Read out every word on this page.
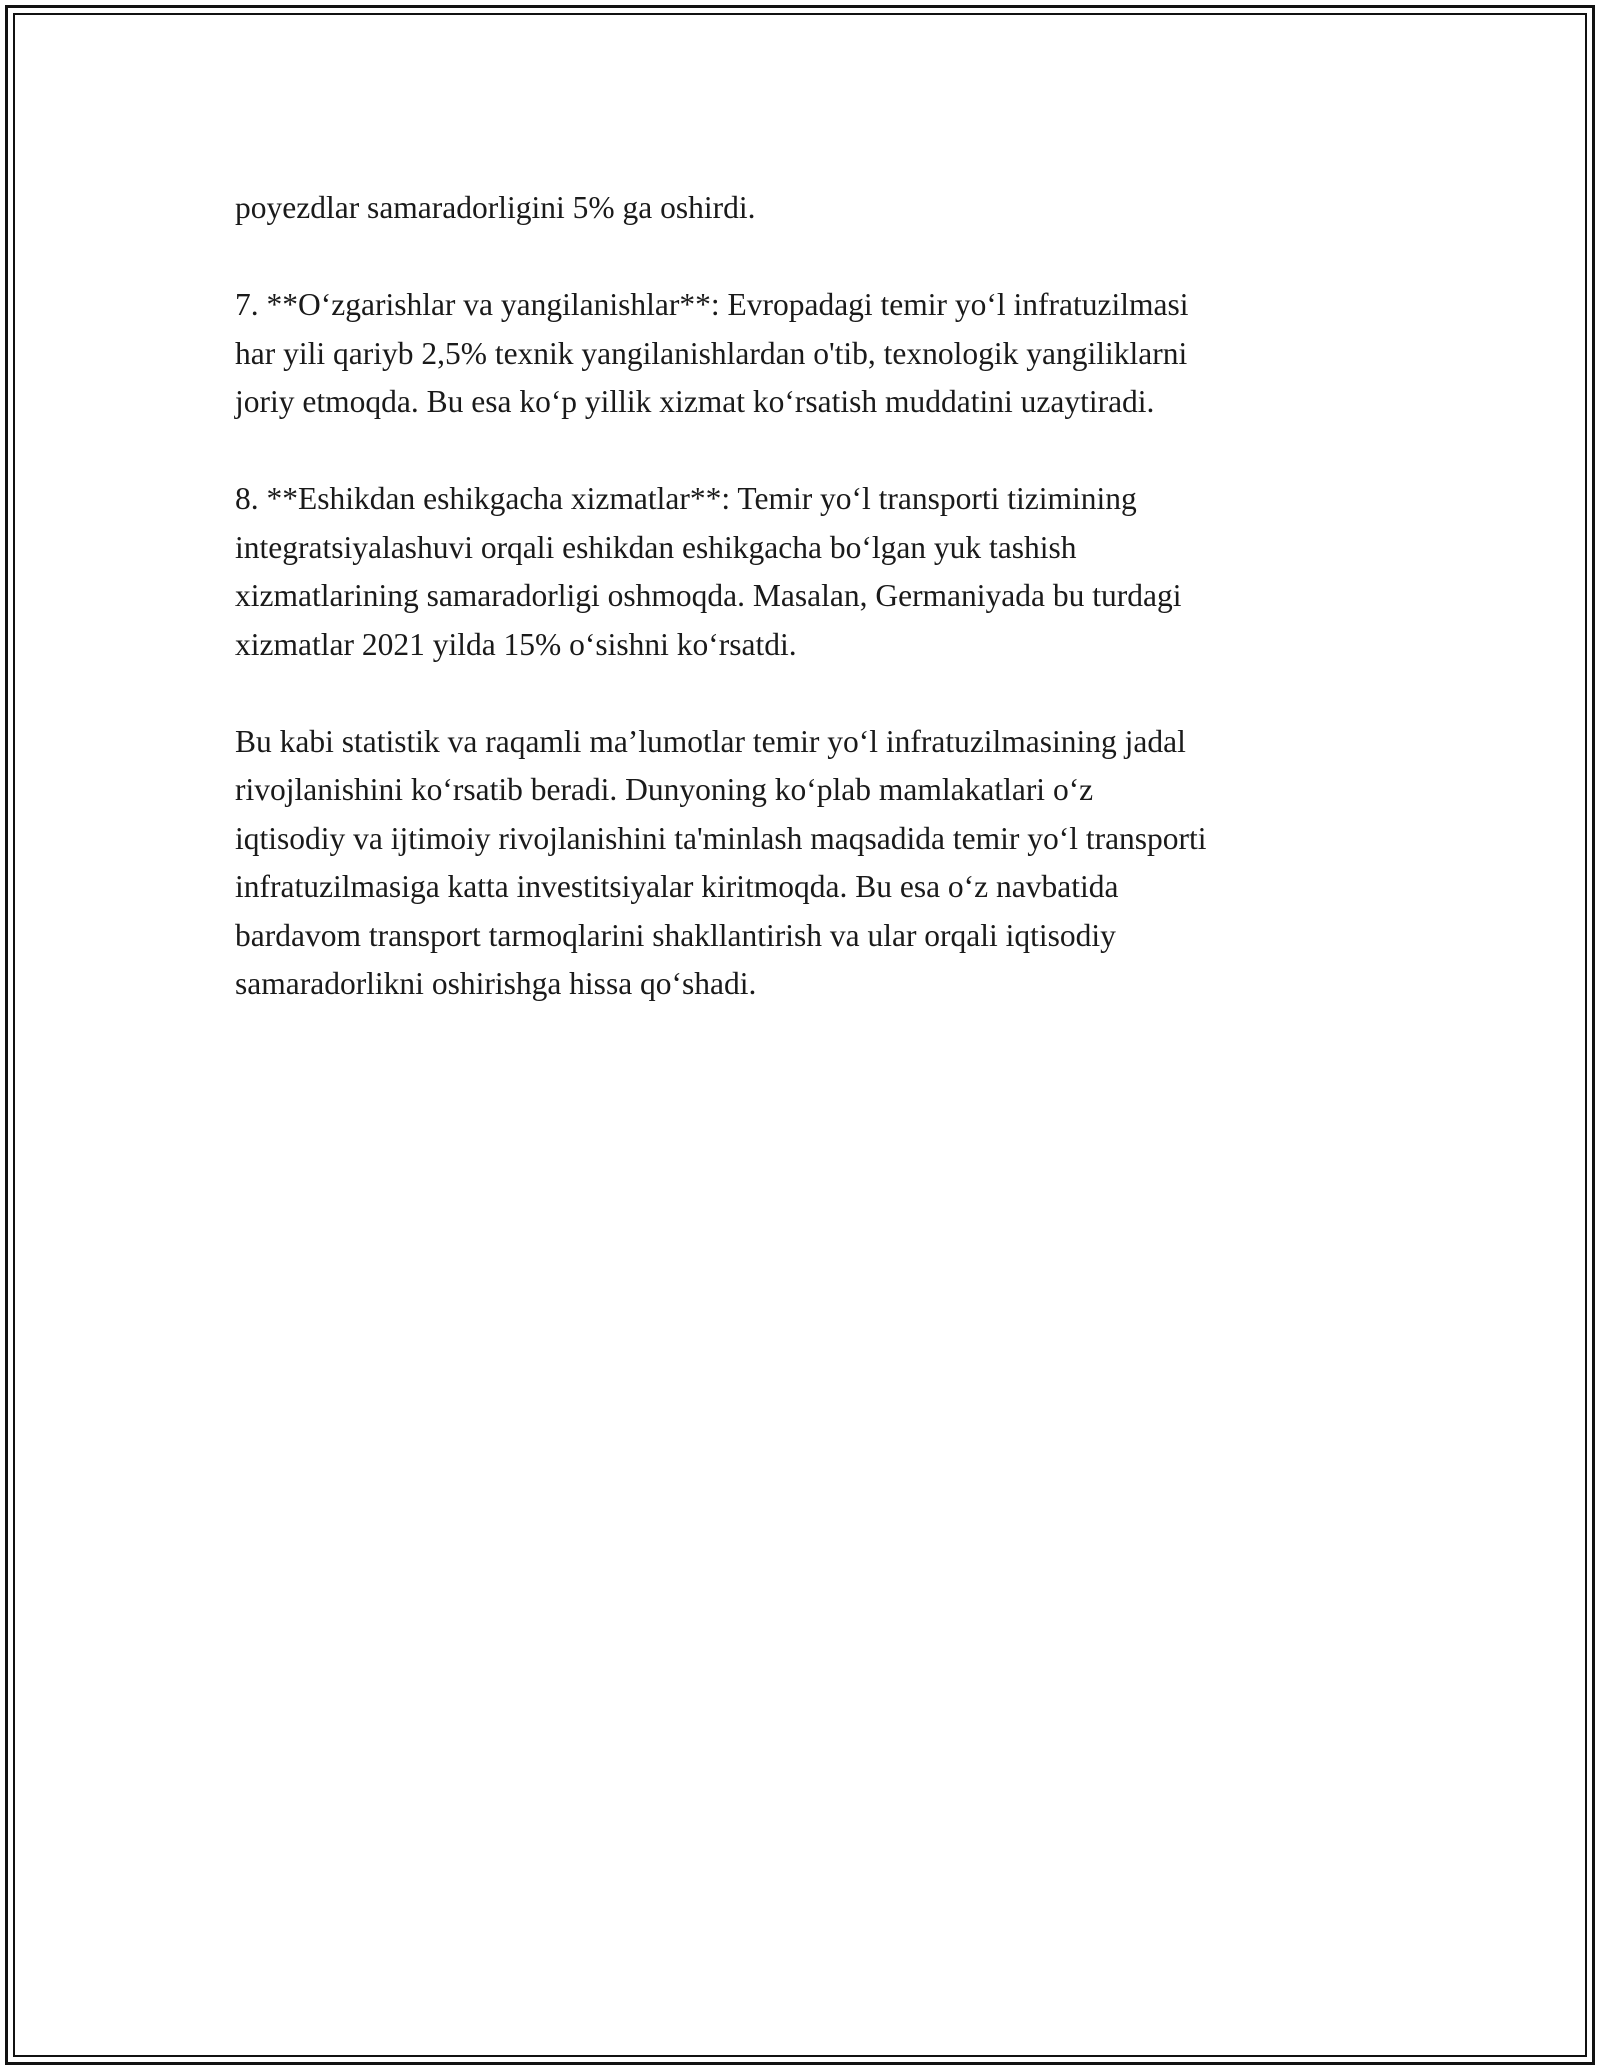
poyezdlar samaradorligini 5% ga oshirdi.

7. **O‘zgarishlar va yangilanishlar**: Evropadagi temir yo‘l infratuzilmasi
har yili qariyb 2,5% texnik yangilanishlardan o'tib, texnologik yangiliklarni
joriy etmoqda. Bu esa ko‘p yillik xizmat ko‘rsatish muddatini uzaytiradi.

8. **Eshikdan eshikgacha xizmatlar**: Temir yo‘l transporti tizimining
integratsiyalashuvi orqali eshikdan eshikgacha bo‘lgan yuk tashish
xizmatlarining samaradorligi oshmoqda. Masalan, Germaniyada bu turdagi
xizmatlar 2021 yilda 15% o‘sishni ko‘rsatdi.

Bu kabi statistik va raqamli ma’lumotlar temir yo‘l infratuzilmasining jadal
rivojlanishini ko‘rsatib beradi. Dunyoning ko‘plab mamlakatlari o‘z
iqtisodiy va ijtimoiy rivojlanishini ta'minlash maqsadida temir yo‘l transporti
infratuzilmasiga katta investitsiyalar kiritmoqda. Bu esa o‘z navbatida
bardavom transport tarmoqlarini shakllantirish va ular orqali iqtisodiy
samaradorlikni oshirishga hissa qo‘shadi.
